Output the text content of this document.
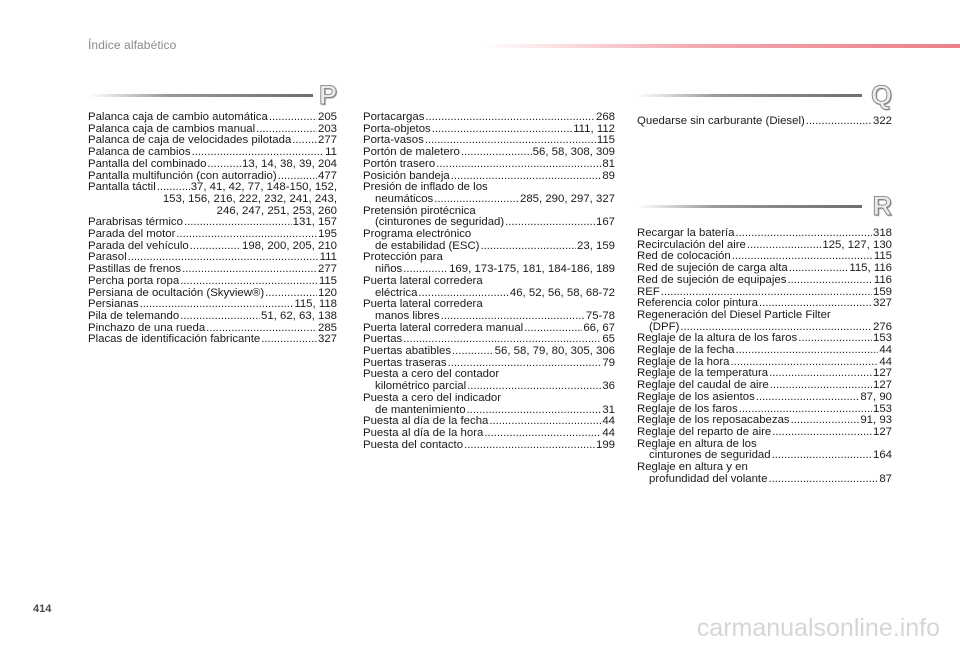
Índice alfabético
P	Q
R
Palanca caja de cambio automática . . .	205
Palanca caja de cambios manual . . .	203
Palanca de caja de velocidades pilotada . . . 277
Palanca de cambios . . .	11
Pantalla del combinado . . .	13, 14, 38, 39, 204
Pantalla multifunción (con autorradio) . . .	477
Pantalla táctil . . .	37, 41, 42, 77, 148-150, 152,
153, 156, 216, 222, 232, 241, 243,
246, 247, 251, 253, 260
Parabrisas térmico . . .	131, 157
Parada del motor . . .	195
Parada del vehículo . . .	198, 200, 205, 210
Parasol . . .	111
Pastillas de frenos . . .	277
Percha porta ropa . . .	115
Persiana de ocultación (Skyview®) . . .	120
Persianas . . .	115, 118
Pila de telemando . . .	51, 62, 63, 138
Pinchazo de una rueda . . .	285
Placas de identificación fabricante . . .	327
Portacargas . . .	268
Porta-objetos . . .	111, 112
Porta-vasos . . .	115
Portón de maletero . . .	56, 58, 308, 309
Portón trasero . . .	81
Posición bandeja . . .	89
Presión de inflado de los
neumáticos . . .	285, 290, 297, 327
Pretensión pirotécnica
(cinturones de seguridad) . . .	167
Programa electrónico
de estabilidad (ESC) . . .	23, 159
Protección para
niños . . .	169, 173-175, 181, 184-186, 189
Puerta lateral corredera
eléctrica . . .	46, 52, 56, 58, 68-72
Puerta lateral corredera
manos libres . . .	75-78
Puerta lateral corredera manual . . .	66, 67
Puertas . . .	65
Puertas abatibles . . .	56, 58, 79, 80, 305, 306
Puertas traseras . . .	79
Puesta a cero del contador
kilométrico parcial . . .	36
Puesta a cero del indicador
de mantenimiento . . .	31
Puesta al día de la fecha . . .	44
Puesta al día de la hora . . .	44
Puesta del contacto . . .	199
Quedarse sin carburante (Diesel) . . .	322
Recargar la batería . . .	318
Recirculación del aire . . .	125, 127, 130
Red de colocación . . .	115
Red de sujeción de carga alta . . .	115, 116
Red de sujeción de equipajes . . .	116
REF . . .	159
Referencia color pintura . . .	327
Regeneración del Diesel Particle Filter
(DPF) . . .	276
Reglaje de la altura de los faros . . .	153
Reglaje de la fecha . . .	44
Reglaje de la hora . . .	44
Reglaje de la temperatura . . .	127
Reglaje del caudal de aire . . .	127
Reglaje de los asientos . . .	87, 90
Reglaje de los faros . . .	153
Reglaje de los reposacabezas . . .	91, 93
Reglaje del reparto de aire . . .	127
Reglaje en altura de los
cinturones de seguridad . . .	164
Reglaje en altura y en
profundidad del volante . . .	87
414
carmanualsonline.info
